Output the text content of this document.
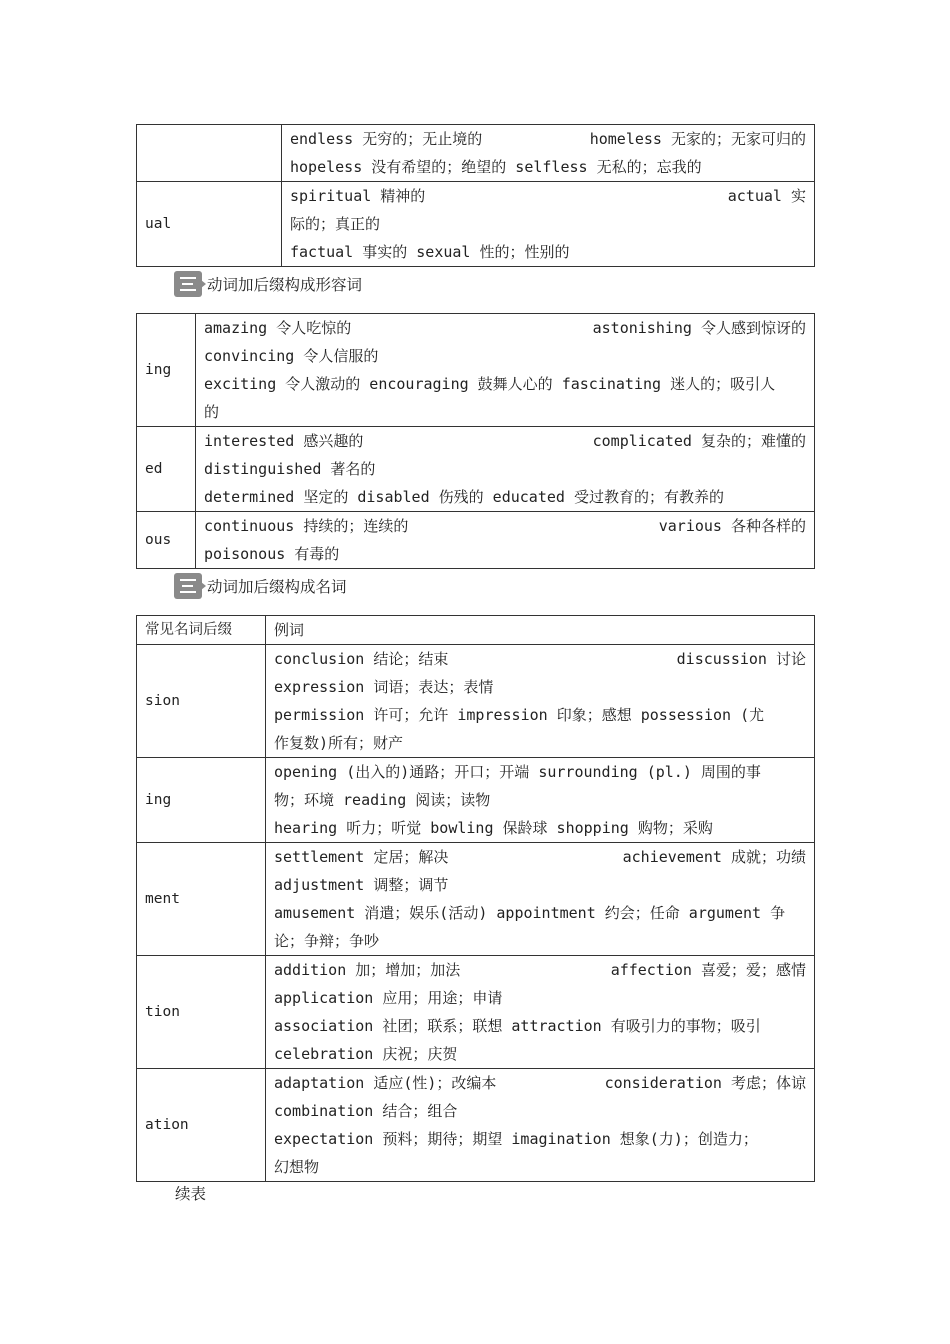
	endless 无穷的；无止境的 homeless 无家的；无家可归的
hopeless 没有希望的；绝望的 selfless 无私的；忘我的

ual	spiritual 精神的 actual 实
际的；真正的
factual 事实的 sexual 性的；性别的
动词加后缀构成形容词
ing	amazing 令人吃惊的 astonishing 令人感到惊讶的
convincing 令人信服的
exciting 令人激动的 encouraging 鼓舞人心的 fascinating 迷人的；吸引人
的

ed	interested 感兴趣的 complicated 复杂的；难懂的
distinguished 著名的
determined 坚定的 disabled 伤残的 educated 受过教育的；有教养的

ous	continuous 持续的；连续的 various 各种各样的
poisonous 有毒的
动词加后缀构成名词
常见名词后缀	例词
sion	conclusion 结论；结束 discussion 讨论
expression 词语；表达；表情
permission 许可；允许 impression 印象；感想 possession (尤
作复数)所有；财产

ing	opening (出入的)通路；开口；开端 surrounding (pl.) 周围的事
物；环境 reading 阅读；读物
hearing 听力；听觉 bowling 保龄球 shopping 购物；采购

ment	settlement 定居；解决 achievement 成就；功绩
adjustment 调整；调节
amusement 消遣；娱乐(活动) appointment 约会；任命 argument 争
论；争辩；争吵

tion	addition 加；增加；加法 affection 喜爱；爱；感情
application 应用；用途；申请
association 社团；联系；联想 attraction 有吸引力的事物；吸引
celebration 庆祝；庆贺

ation	adaptation 适应(性)；改编本 consideration 考虑；体谅
combination 结合；组合
expectation 预料；期待；期望 imagination 想象(力)；创造力；
幻想物
续表
